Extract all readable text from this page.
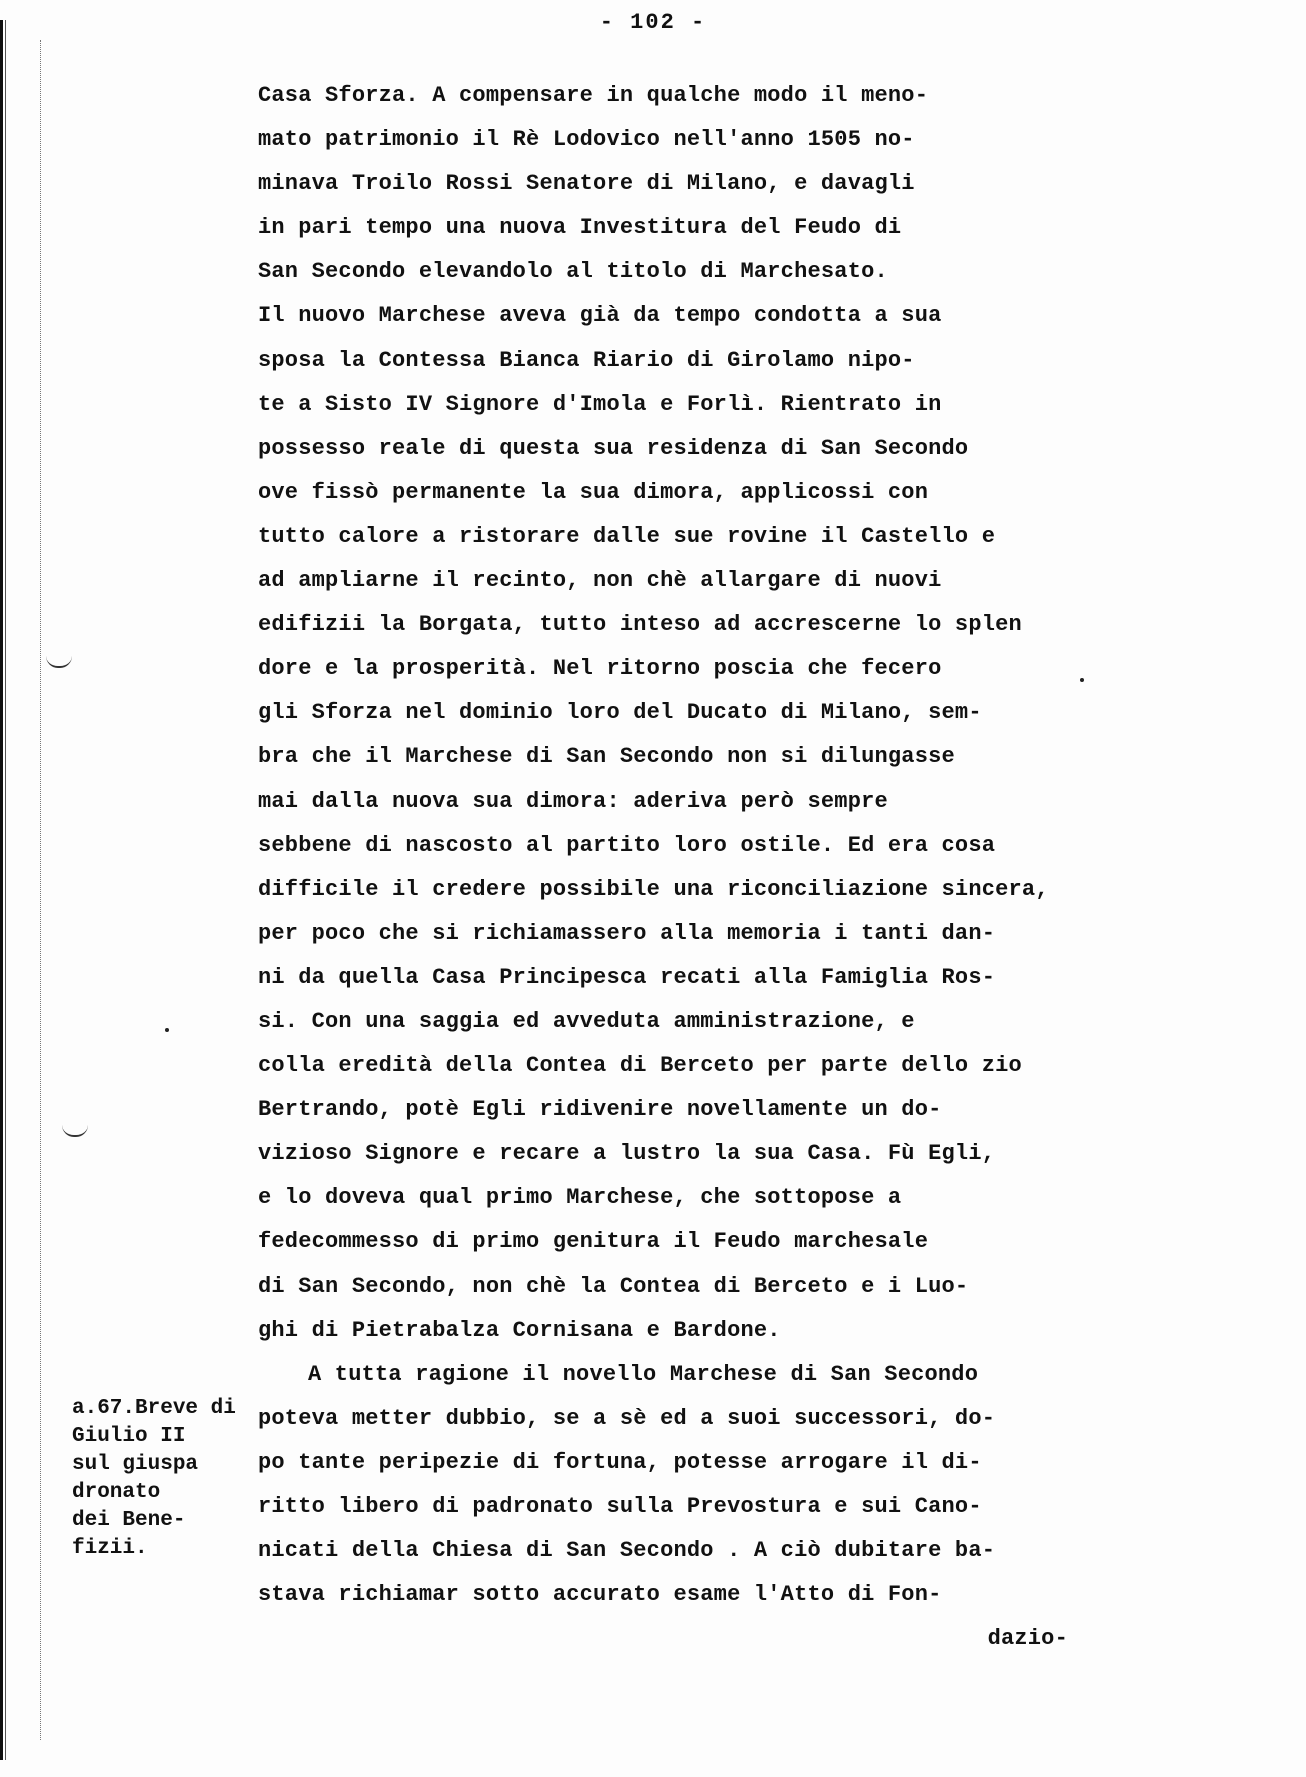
- 102 -
Casa Sforza. A compensare in qualche modo il meno-
mato patrimonio il Rè Lodovico nell'anno 1505 no-
minava Troilo Rossi Senatore di Milano, e davagli
in pari tempo una nuova Investitura del Feudo di
San Secondo elevandolo al titolo di Marchesato.
Il nuovo Marchese aveva già da tempo condotta a sua
sposa la Contessa Bianca Riario di Girolamo nipo-
te a Sisto IV Signore d'Imola e Forlì. Rientrato in
possesso reale di questa sua residenza di San Secondo
ove fissò permanente la sua dimora, applicossi con
tutto calore a ristorare dalle sue rovine il Castello e
ad ampliarne il recinto, non chè allargare di nuovi
edifizii la Borgata, tutto inteso ad accrescerne lo splen
dore e la prosperità. Nel ritorno poscia che fecero
gli Sforza nel dominio loro del Ducato di Milano, sem-
bra che il Marchese di San Secondo non si dilungasse
mai dalla nuova sua dimora: aderiva però sempre
sebbene di nascosto al partito loro ostile. Ed era cosa
difficile il credere possibile una riconciliazione sincera,
per poco che si richiamassero alla memoria i tanti dan-
ni da quella Casa Principesca recati alla Famiglia Ros-
si. Con una saggia ed avveduta amministrazione, e
colla eredità della Contea di Berceto per parte dello zio
Bertrando, potè Egli ridivenire novellamente un do-
vizioso Signore e recare a lustro la sua Casa. Fù Egli,
e lo doveva qual primo Marchese, che sottopose a
fedecommesso di primo genitura il Feudo marchesale
di San Secondo, non chè la Contea di Berceto e i Luo-
ghi di Pietrabalza Cornisana e Bardone.
A tutta ragione il novello Marchese di San Secondo
poteva metter dubbio, se a sè ed a suoi successori, do-
po tante peripezie di fortuna, potesse arrogare il di-
ritto libero di padronato sulla Prevostura e sui Cano-
nicati della Chiesa di San Secondo . A ciò dubitare ba-
stava richiamar sotto accurato esame l'Atto di Fon-
dazio-
a.67.Breve di
Giulio II
sul giuspa
dronato
dei Bene-
fizii.
